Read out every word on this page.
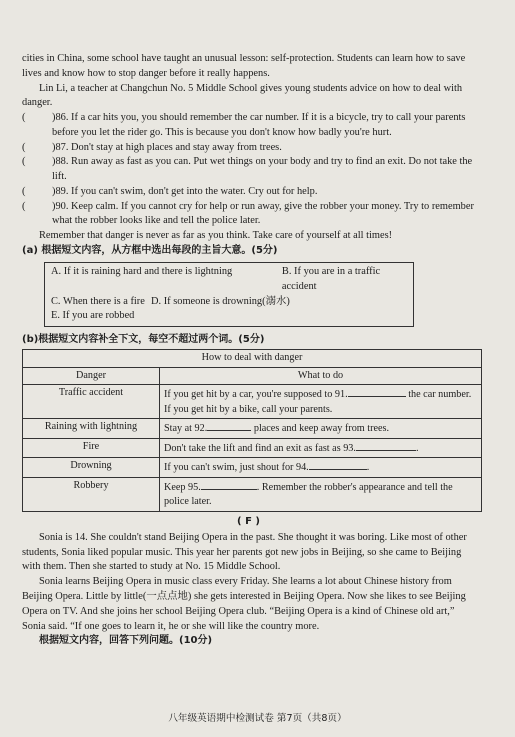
cities in China, some school have taught an unusual lesson: self-protection. Students can learn how to save lives and know how to stop danger before it really happens.

Lin Li, a teacher at Changchun No. 5 Middle School gives young students advice on how to deal with danger.

(	)86. If a car hits you, you should remember the car number. If it is a bicycle, try to call your parents before you let the rider go. This is because you don't know how badly you're hurt.
(	)87. Don't stay at high places and stay away from trees.
(	)88. Run away as fast as you can. Put wet things on your body and try to find an exit. Do not take the lift.
(	)89. If you can't swim, don't get into the water. Cry out for help.
(	)90. Keep calm. If you cannot cry for help or run away, give the robber your money. Try to remember what the robber looks like and tell the police later.

Remember that danger is never as far as you think. Take care of yourself at all times!

(a) 根据短文内容，从方框中选出每段的主旨大意。(5分)

A. If it is raining hard and there is lightning	B. If you are in a traffic accident
C. When there is a fire D. If someone is drowning(溺水)
E. If you are robbed

(b)根据短文内容补全下文，每空不超过两个词。(5分)

How to deal with danger	
Danger	What to do
Traffic accident	If you get hit by a car, you're supposed to 91. the car number. If you get hit by a bike, call your parents.
Raining with lightning	Stay at 92. places and keep away from trees.
Fire	Don't take the lift and find an exit as fast as 93. .
Drowning	If you can't swim, just shout for 94. .
Robbery	Keep 95. . Remember the robber's appearance and tell the police later.

( F )

Sonia is 14. She couldn't stand Beijing Opera in the past. She thought it was boring. Like most of other students, Sonia liked popular music. This year her parents got new jobs in Beijing, so she came to Beijing with them. Then she started to study at No. 15 Middle School.

Sonia learns Beijing Opera in music class every Friday. She learns a lot about Chinese history from Beijing Opera. Little by little(一点点地) she gets interested in Beijing Opera. Now she likes to see Beijing Opera on TV. And she joins her school Beijing Opera club. “Beijing Opera is a kind of Chinese old art,” Sonia said. “If one goes to learn it, he or she will like the country more.

根据短文内容，回答下列问题。(10分)

八年级英语期中检测试卷 第7页（共8页）
